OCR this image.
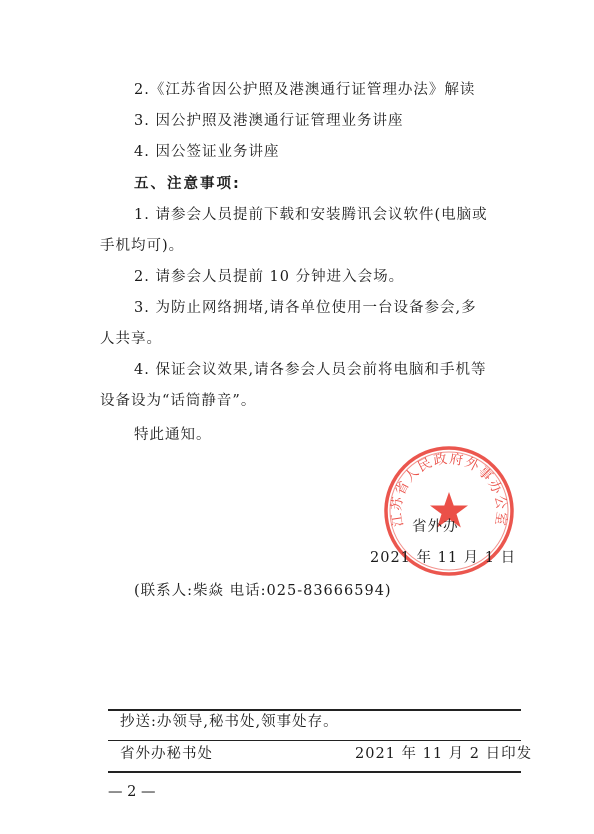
2.《江苏省因公护照及港澳通行证管理办法》解读
3. 因公护照及港澳通行证管理业务讲座
4. 因公签证业务讲座
五、注意事项:
1. 请参会人员提前下载和安装腾讯会议软件(电脑或
手机均可)。
2. 请参会人员提前 10 分钟进入会场。
3. 为防止网络拥堵,请各单位使用一台设备参会,多
人共享。
4. 保证会议效果,请各参会人员会前将电脑和手机等
设备设为“话筒静音”。
特此通知。
江苏省人民政府外事办公室
省外办
2021 年 11 月 1 日
(联系人:柴焱 电话:025-83666594)
抄送:办领导,秘书处,领事处存。
省外办秘书处	2021 年 11 月 2 日印发
— 2 —
